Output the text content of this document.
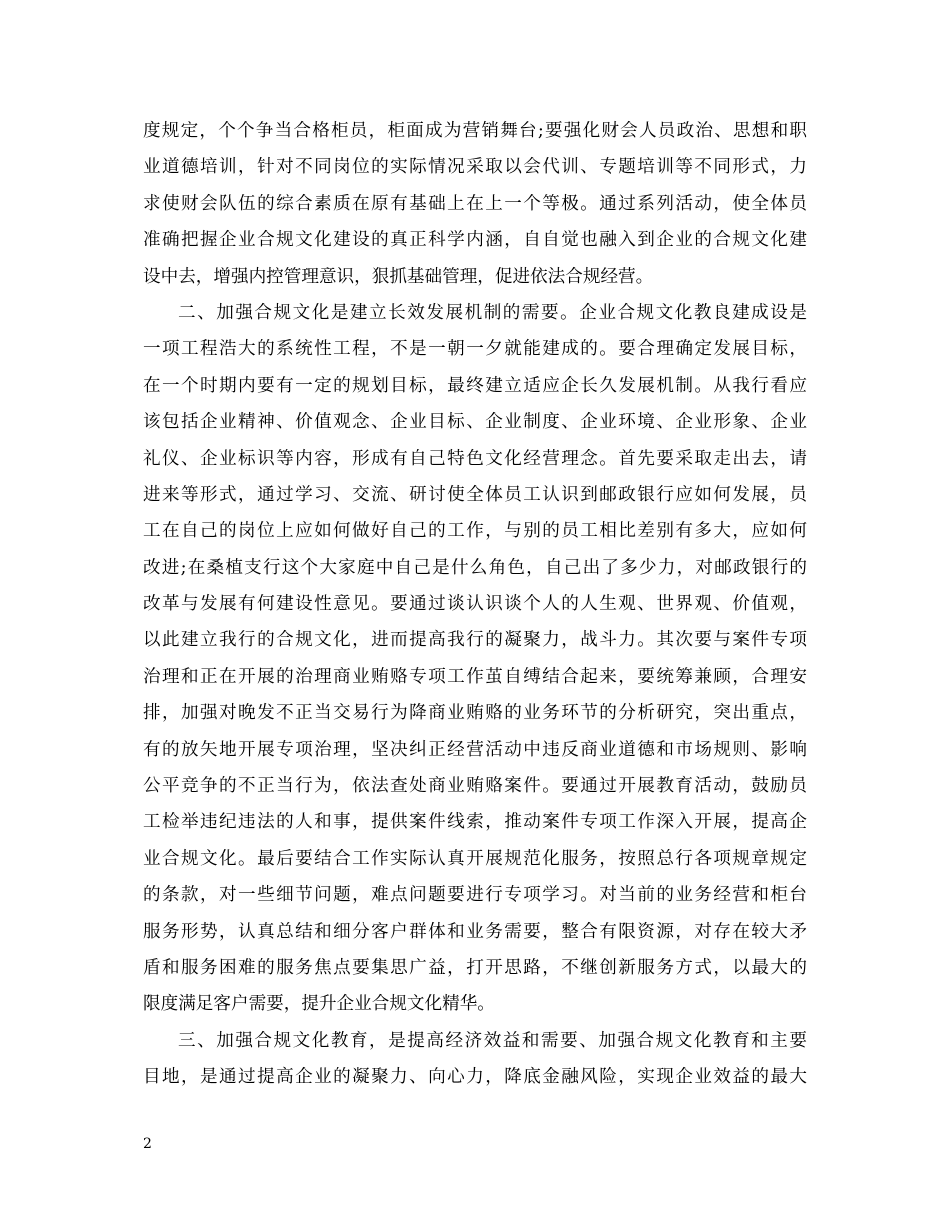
度规定，个个争当合格柜员，柜面成为营销舞台;要强化财会人员政治、思想和职
业道德培训，针对不同岗位的实际情况采取以会代训、专题培训等不同形式，力
求使财会队伍的综合素质在原有基础上在上一个等极。通过系列活动，使全体员
准确把握企业合规文化建设的真正科学内涵，自自觉也融入到企业的合规文化建
设中去，增强内控管理意识，狠抓基础管理，促进依法合规经营。
二、加强合规文化是建立长效发展机制的需要。企业合规文化教良建成设是
一项工程浩大的系统性工程，不是一朝一夕就能建成的。要合理确定发展目标，
在一个时期内要有一定的规划目标，最终建立适应企长久发展机制。从我行看应
该包括企业精神、价值观念、企业目标、企业制度、企业环境、企业形象、企业
礼仪、企业标识等内容，形成有自己特色文化经营理念。首先要采取走出去，请
进来等形式，通过学习、交流、研讨使全体员工认识到邮政银行应如何发展，员
工在自己的岗位上应如何做好自己的工作，与别的员工相比差别有多大，应如何
改进;在桑植支行这个大家庭中自己是什么角色，自己出了多少力，对邮政银行的
改革与发展有何建设性意见。要通过谈认识谈个人的人生观、世界观、价值观，
以此建立我行的合规文化，进而提高我行的凝聚力，战斗力。其次要与案件专项
治理和正在开展的治理商业贿赂专项工作茧自缚结合起来，要统筹兼顾，合理安
排，加强对晚发不正当交易行为降商业贿赂的业务环节的分析研究，突出重点，
有的放矢地开展专项治理，坚决纠正经营活动中违反商业道德和市场规则、影响
公平竞争的不正当行为，依法查处商业贿赂案件。要通过开展教育活动，鼓励员
工检举违纪违法的人和事，提供案件线索，推动案件专项工作深入开展，提高企
业合规文化。最后要结合工作实际认真开展规范化服务，按照总行各项规章规定
的条款，对一些细节问题，难点问题要进行专项学习。对当前的业务经营和柜台
服务形势，认真总结和细分客户群体和业务需要，整合有限资源，对存在较大矛
盾和服务困难的服务焦点要集思广益，打开思路，不继创新服务方式，以最大的
限度满足客户需要，提升企业合规文化精华。
三、加强合规文化教育，是提高经济效益和需要、加强合规文化教育和主要
目地，是通过提高企业的凝聚力、向心力，降底金融风险，实现企业效益的最大
2
